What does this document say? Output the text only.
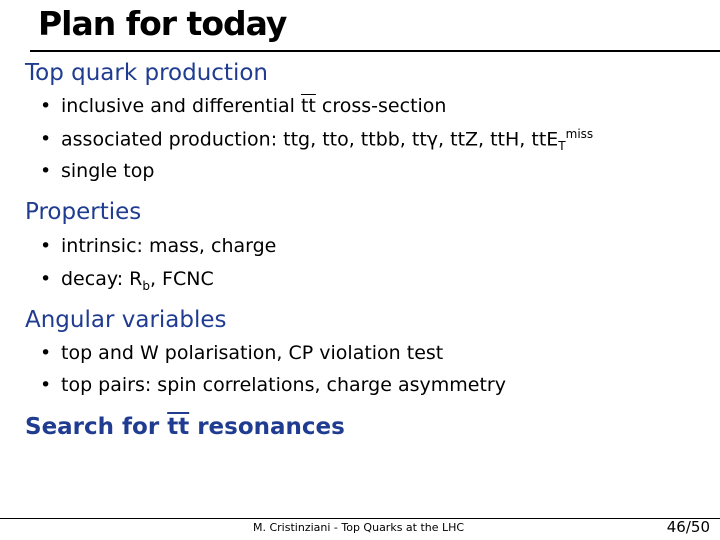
Plan for today
Top quark production
• inclusive and differential $\overline{tt}$ cross-section
• associated production: ttg, tto, ttbb, ttγ, ttZ, ttH, ttE$_T^{miss}$
• single top
Properties
• intrinsic: mass, charge
• decay: $R_b$, FCNC
Angular variables
• top and W polarisation, CP violation test
• top pairs: spin correlations, charge asymmetry
Search for $\overline{tt}$ resonances
M. Cristinziani - Top Quarks at the LHC	46/50
